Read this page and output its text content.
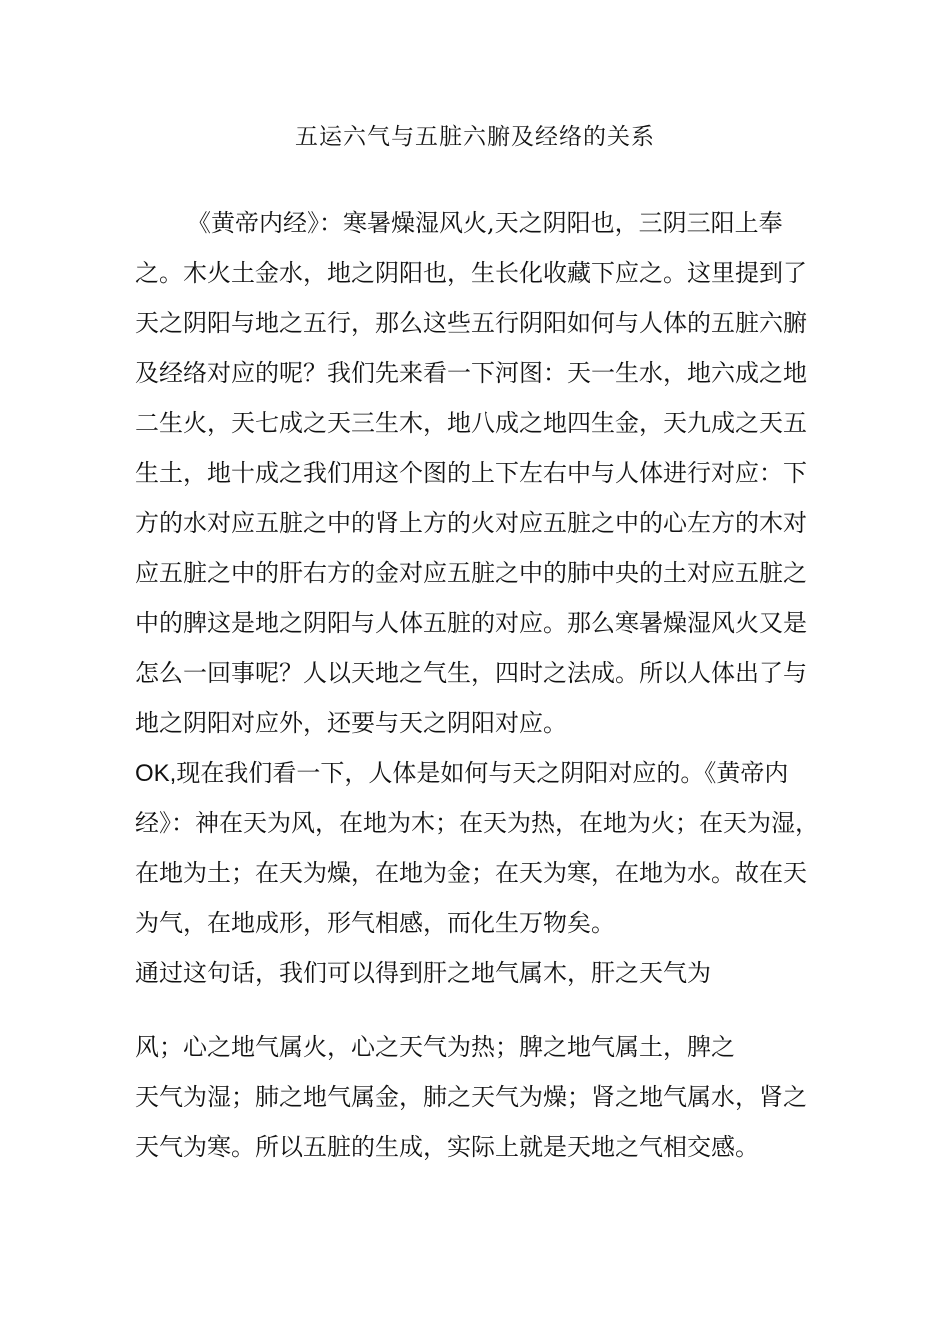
五运六气与五脏六腑及经络的关系
《黄帝内经》：寒暑燥湿风火,天之阴阳也，三阴三阳上奉
之。木火土金水，地之阴阳也，生长化收藏下应之。这里提到了
天之阴阳与地之五行，那么这些五行阴阳如何与人体的五脏六腑
及经络对应的呢？我们先来看一下河图：天一生水，地六成之地
二生火，天七成之天三生木，地八成之地四生金，天九成之天五
生土，地十成之我们用这个图的上下左右中与人体进行对应：下
方的水对应五脏之中的肾上方的火对应五脏之中的心左方的木对
应五脏之中的肝右方的金对应五脏之中的肺中央的土对应五脏之
中的脾这是地之阴阳与人体五脏的对应。那么寒暑燥湿风火又是
怎么一回事呢？人以天地之气生，四时之法成。所以人体出了与
地之阴阳对应外，还要与天之阴阳对应。
OK,现在我们看一下，人体是如何与天之阴阳对应的。《黄帝内
经》：神在天为风，在地为木；在天为热，在地为火；在天为湿，
在地为土；在天为燥，在地为金；在天为寒，在地为水。故在天
为气，在地成形，形气相感，而化生万物矣。
通过这句话，我们可以得到肝之地气属木，肝之天气为
风；心之地气属火，心之天气为热；脾之地气属土，脾之
天气为湿；肺之地气属金，肺之天气为燥；肾之地气属水，肾之
天气为寒。所以五脏的生成，实际上就是天地之气相交感。
